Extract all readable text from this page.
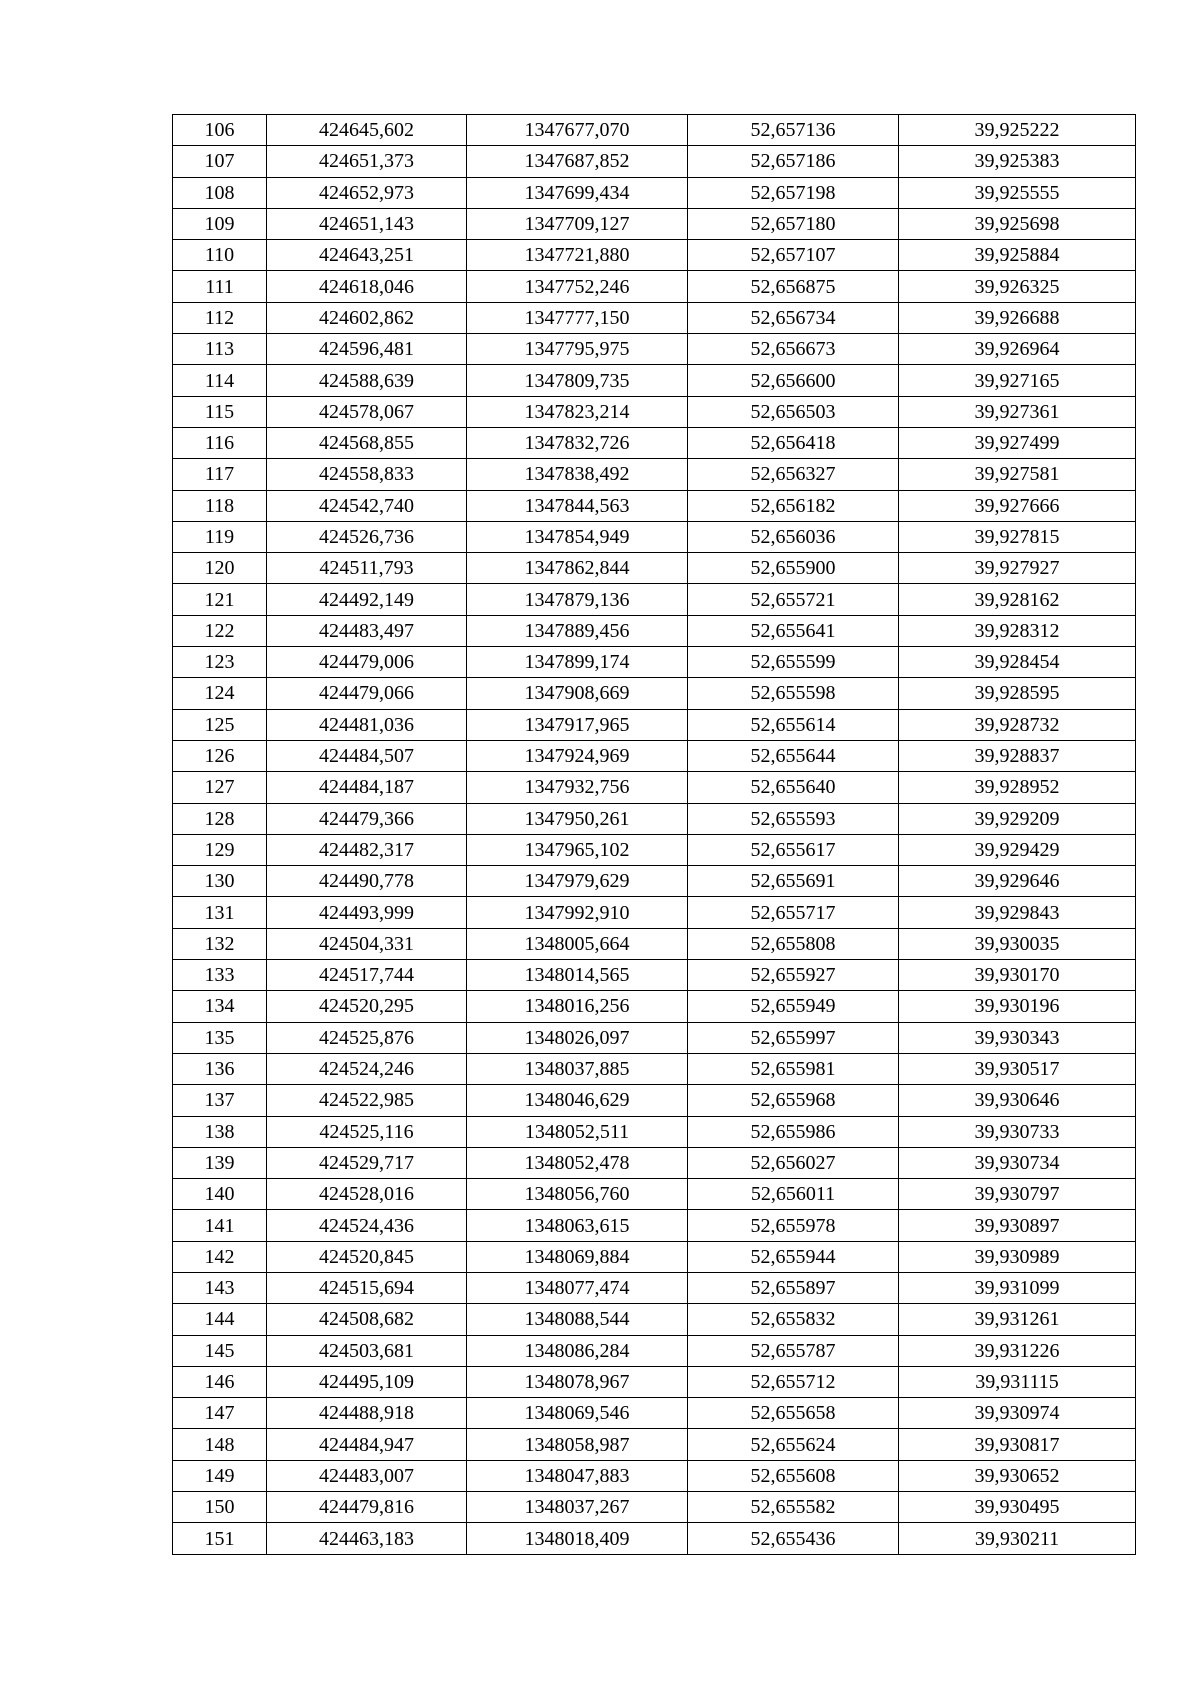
106	424645,602	1347677,070	52,657136	39,925222
107	424651,373	1347687,852	52,657186	39,925383
108	424652,973	1347699,434	52,657198	39,925555
109	424651,143	1347709,127	52,657180	39,925698
110	424643,251	1347721,880	52,657107	39,925884
111	424618,046	1347752,246	52,656875	39,926325
112	424602,862	1347777,150	52,656734	39,926688
113	424596,481	1347795,975	52,656673	39,926964
114	424588,639	1347809,735	52,656600	39,927165
115	424578,067	1347823,214	52,656503	39,927361
116	424568,855	1347832,726	52,656418	39,927499
117	424558,833	1347838,492	52,656327	39,927581
118	424542,740	1347844,563	52,656182	39,927666
119	424526,736	1347854,949	52,656036	39,927815
120	424511,793	1347862,844	52,655900	39,927927
121	424492,149	1347879,136	52,655721	39,928162
122	424483,497	1347889,456	52,655641	39,928312
123	424479,006	1347899,174	52,655599	39,928454
124	424479,066	1347908,669	52,655598	39,928595
125	424481,036	1347917,965	52,655614	39,928732
126	424484,507	1347924,969	52,655644	39,928837
127	424484,187	1347932,756	52,655640	39,928952
128	424479,366	1347950,261	52,655593	39,929209
129	424482,317	1347965,102	52,655617	39,929429
130	424490,778	1347979,629	52,655691	39,929646
131	424493,999	1347992,910	52,655717	39,929843
132	424504,331	1348005,664	52,655808	39,930035
133	424517,744	1348014,565	52,655927	39,930170
134	424520,295	1348016,256	52,655949	39,930196
135	424525,876	1348026,097	52,655997	39,930343
136	424524,246	1348037,885	52,655981	39,930517
137	424522,985	1348046,629	52,655968	39,930646
138	424525,116	1348052,511	52,655986	39,930733
139	424529,717	1348052,478	52,656027	39,930734
140	424528,016	1348056,760	52,656011	39,930797
141	424524,436	1348063,615	52,655978	39,930897
142	424520,845	1348069,884	52,655944	39,930989
143	424515,694	1348077,474	52,655897	39,931099
144	424508,682	1348088,544	52,655832	39,931261
145	424503,681	1348086,284	52,655787	39,931226
146	424495,109	1348078,967	52,655712	39,931115
147	424488,918	1348069,546	52,655658	39,930974
148	424484,947	1348058,987	52,655624	39,930817
149	424483,007	1348047,883	52,655608	39,930652
150	424479,816	1348037,267	52,655582	39,930495
151	424463,183	1348018,409	52,655436	39,930211
